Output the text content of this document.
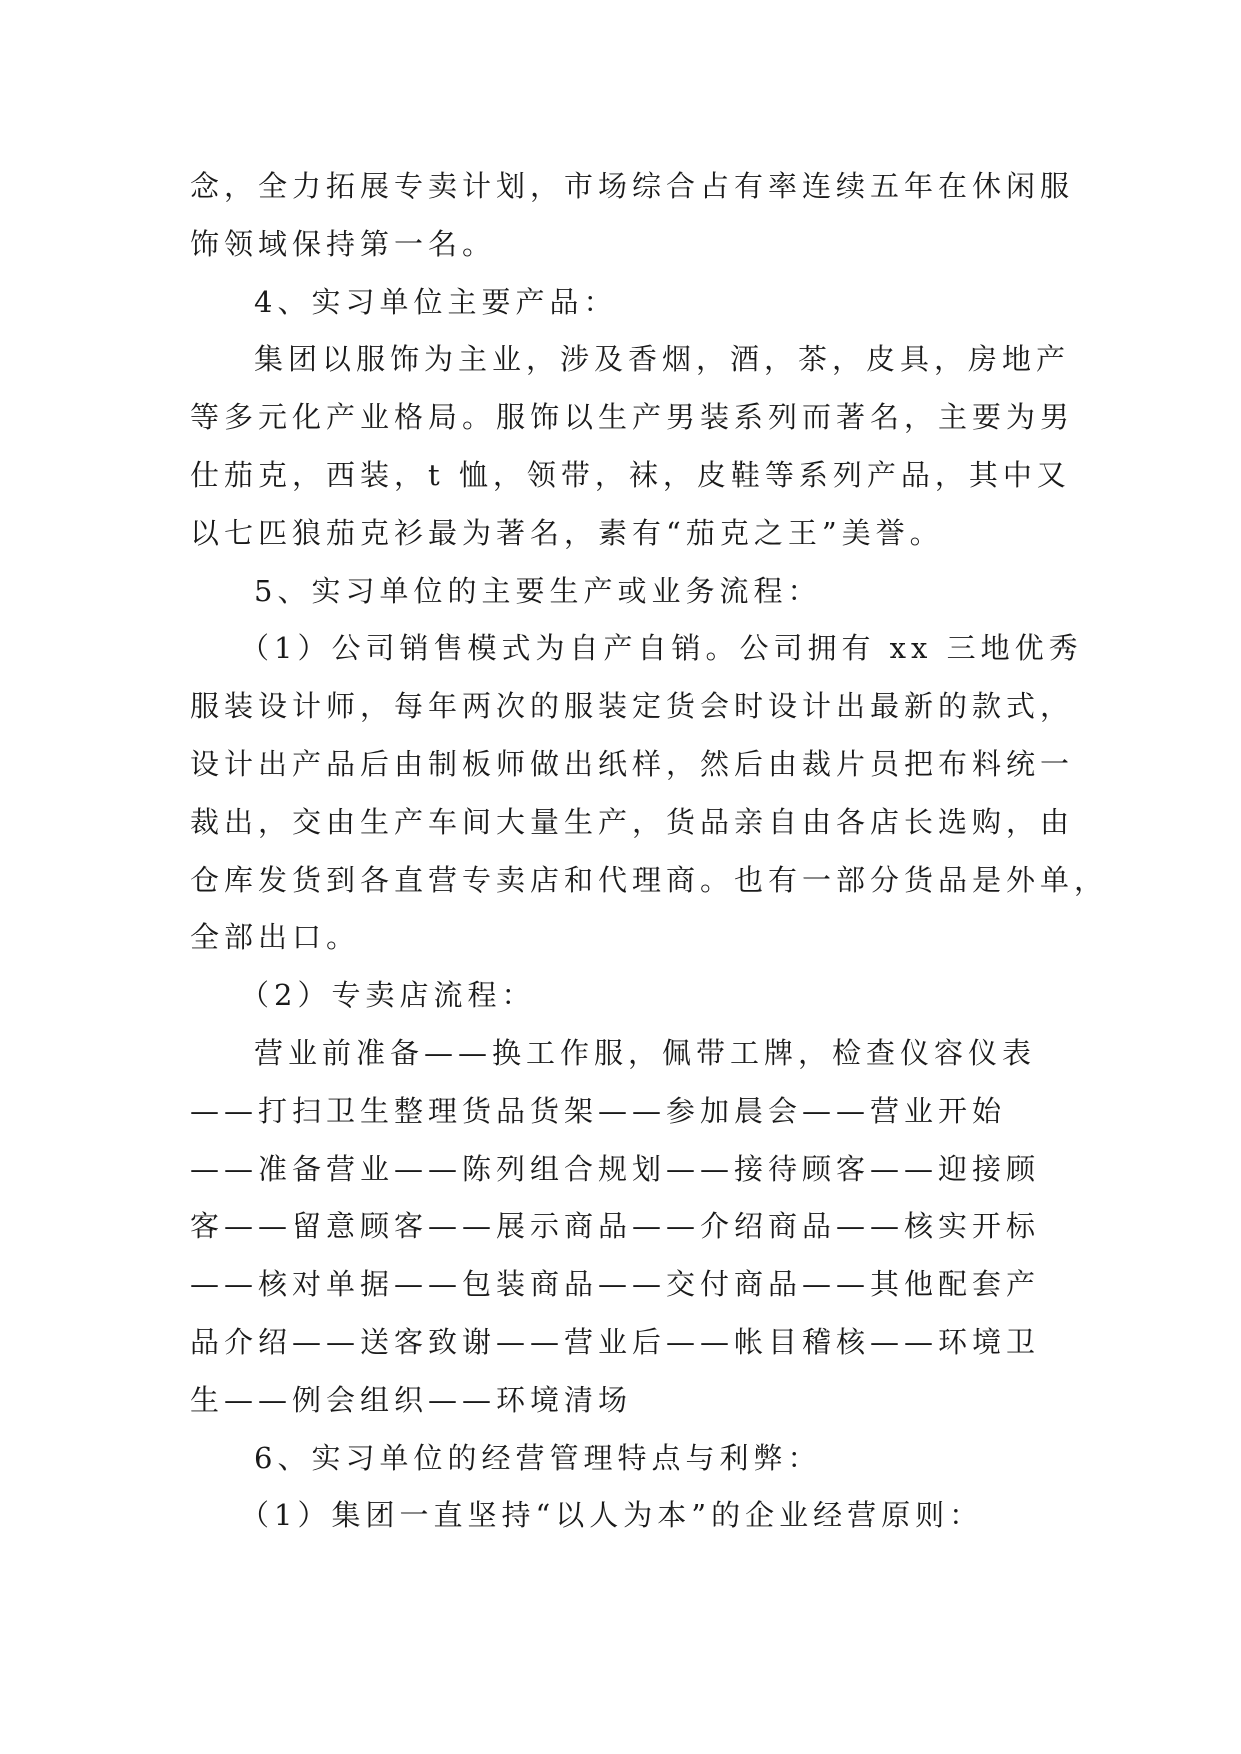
念，全力拓展专卖计划，市场综合占有率连续五年在休闲服
饰领域保持第一名。
4、实习单位主要产品：
集团以服饰为主业，涉及香烟，酒，茶，皮具，房地产
等多元化产业格局。服饰以生产男装系列而著名，主要为男
仕茄克，西装，t 恤，领带，袜，皮鞋等系列产品，其中又
以七匹狼茄克衫最为著名，素有“茄克之王”美誉。
5、实习单位的主要生产或业务流程：
（1）公司销售模式为自产自销。公司拥有 xx 三地优秀
服装设计师，每年两次的服装定货会时设计出最新的款式，
设计出产品后由制板师做出纸样，然后由裁片员把布料统一
裁出，交由生产车间大量生产，货品亲自由各店长选购，由
仓库发货到各直营专卖店和代理商。也有一部分货品是外单，
全部出口。
（2）专卖店流程：
营业前准备——换工作服，佩带工牌，检查仪容仪表
——打扫卫生整理货品货架——参加晨会——营业开始
——准备营业——陈列组合规划——接待顾客——迎接顾
客——留意顾客——展示商品——介绍商品——核实开标
——核对单据——包装商品——交付商品——其他配套产
品介绍——送客致谢——营业后——帐目稽核——环境卫
生——例会组织——环境清场
6、实习单位的经营管理特点与利弊：
（1）集团一直坚持“以人为本”的企业经营原则：
